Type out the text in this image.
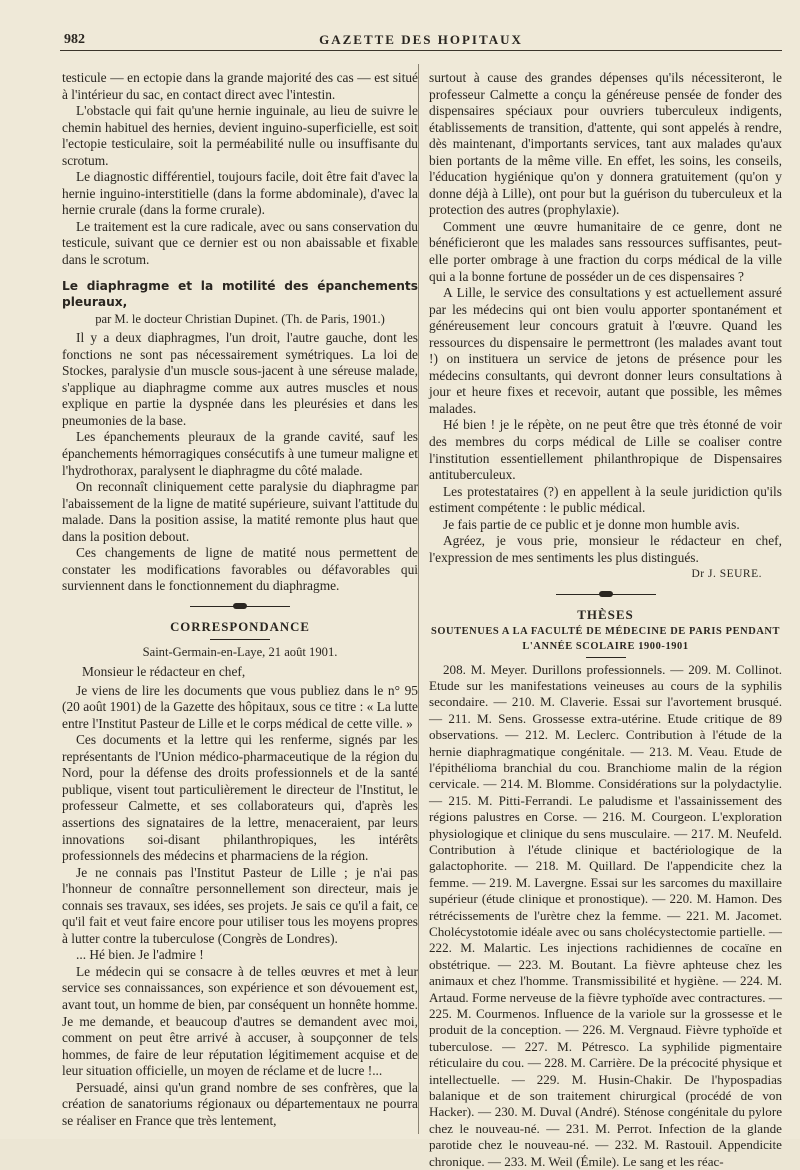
982	GAZETTE DES HOPITAUX

testicule — en ectopie dans la grande majorité des cas — est situé à l'intérieur du sac, en contact direct avec l'intestin.

L'obstacle qui fait qu'une hernie inguinale, au lieu de suivre le chemin habituel des hernies, devient inguino-superficielle, est soit l'ectopie testiculaire, soit la perméabilité nulle ou insuffisante du scrotum.

Le diagnostic différentiel, toujours facile, doit être fait d'avec la hernie inguino-interstitielle (dans la forme abdominale), d'avec la hernie crurale (dans la forme crurale).

Le traitement est la cure radicale, avec ou sans conservation du testicule, suivant que ce dernier est ou non abaissable et fixable dans le scrotum.

Le diaphragme et la motilité des épanchements pleuraux,

par M. le docteur Christian Dupinet. (Th. de Paris, 1901.)

Il y a deux diaphragmes, l'un droit, l'autre gauche, dont les fonctions ne sont pas nécessairement symétriques. La loi de Stockes, paralysie d'un muscle sous-jacent à une séreuse malade, s'applique au diaphragme comme aux autres muscles et nous explique en partie la dyspnée dans les pleurésies et dans les pneumonies de la base.

Les épanchements pleuraux de la grande cavité, sauf les épanchements hémorragiques consécutifs à une tumeur maligne et l'hydrothorax, paralysent le diaphragme du côté malade.

On reconnaît cliniquement cette paralysie du diaphragme par l'abaissement de la ligne de matité supérieure, suivant l'attitude du malade. Dans la position assise, la matité remonte plus haut que dans la position debout.

Ces changements de ligne de matité nous permettent de constater les modifications favorables ou défavorables qui surviennent dans le fonctionnement du diaphragme.

CORRESPONDANCE

Saint-Germain-en-Laye, 21 août 1901.

Monsieur le rédacteur en chef,

Je viens de lire les documents que vous publiez dans le n° 95 (20 août 1901) de la Gazette des hôpitaux, sous ce titre : « La lutte entre l'Institut Pasteur de Lille et le corps médical de cette ville. »

Ces documents et la lettre qui les renferme, signés par les représentants de l'Union médico-pharmaceutique de la région du Nord, pour la défense des droits professionnels et de la santé publique, visent tout particulièrement le directeur de l'Institut, le professeur Calmette, et ses collaborateurs qui, d'après les assertions des signataires de la lettre, menaceraient, par leurs innovations soi-disant philanthropiques, les intérêts professionnels des médecins et pharmaciens de la région.

Je ne connais pas l'Institut Pasteur de Lille ; je n'ai pas l'honneur de connaître personnellement son directeur, mais je connais ses travaux, ses idées, ses projets. Je sais ce qu'il a fait, ce qu'il fait et veut faire encore pour utiliser tous les moyens propres à lutter contre la tuberculose (Congrès de Londres).

... Hé bien. Je l'admire !

Le médecin qui se consacre à de telles œuvres et met à leur service ses connaissances, son expérience et son dévouement est, avant tout, un homme de bien, par conséquent un honnête homme. Je me demande, et beaucoup d'autres se demandent avec moi, comment on peut être arrivé à accuser, à soupçonner de tels hommes, de faire de leur réputation légitimement acquise et de leur situation officielle, un moyen de réclame et de lucre !...

Persuadé, ainsi qu'un grand nombre de ses confrères, que la création de sanatoriums régionaux ou départementaux ne pourra se réaliser en France que très lentement,

surtout à cause des grandes dépenses qu'ils nécessiteront, le professeur Calmette a conçu la généreuse pensée de fonder des dispensaires spéciaux pour ouvriers tuberculeux indigents, établissements de transition, d'attente, qui sont appelés à rendre, dès maintenant, d'importants services, tant aux malades qu'aux bien portants de la même ville. En effet, les soins, les conseils, l'éducation hygiénique qu'on y donnera gratuitement (qu'on y donne déjà à Lille), ont pour but la guérison du tuberculeux et la protection des autres (prophylaxie).

Comment une œuvre humanitaire de ce genre, dont ne bénéficieront que les malades sans ressources suffisantes, peut-elle porter ombrage à une fraction du corps médical de la ville qui a la bonne fortune de posséder un de ces dispensaires ?

A Lille, le service des consultations y est actuellement assuré par les médecins qui ont bien voulu apporter spontanément et généreusement leur concours gratuit à l'œuvre. Quand les ressources du dispensaire le permettront (les malades avant tout !) on instituera un service de jetons de présence pour les médecins consultants, qui devront donner leurs consultations à jour et heure fixes et recevoir, autant que possible, les mêmes malades.

Hé bien ! je le répète, on ne peut être que très étonné de voir des membres du corps médical de Lille se coaliser contre l'institution essentiellement philanthropique de Dispensaires antituberculeux.

Les protestataires (?) en appellent à la seule juridiction qu'ils estiment compétente : le public médical.

Je fais partie de ce public et je donne mon humble avis.

Agréez, je vous prie, monsieur le rédacteur en chef, l'expression de mes sentiments les plus distingués.

Dr J. SEURE.

THÈSES

SOUTENUES A LA FACULTÉ DE MÉDECINE DE PARIS PENDANT L'ANNÉE SCOLAIRE 1900-1901

208. M. Meyer. Durillons professionnels. — 209. M. Collinot. Etude sur les manifestations veineuses au cours de la syphilis secondaire. — 210. M. Claverie. Essai sur l'avortement brusqué. — 211. M. Sens. Grossesse extra-utérine. Etude critique de 89 observations. — 212. M. Leclerc. Contribution à l'étude de la hernie diaphragmatique congénitale. — 213. M. Veau. Etude de l'épithélioma branchial du cou. Branchiome malin de la région cervicale. — 214. M. Blomme. Considérations sur la polydactylie. — 215. M. Pitti-Ferrandi. Le paludisme et l'assainissement des régions palustres en Corse. — 216. M. Courgeon. L'exploration physiologique et clinique du sens musculaire. — 217. M. Neufeld. Contribution à l'étude clinique et bactériologique de la galactophorite. — 218. M. Quillard. De l'appendicite chez la femme. — 219. M. Lavergne. Essai sur les sarcomes du maxillaire supérieur (étude clinique et pronostique). — 220. M. Hamon. Des rétrécissements de l'urètre chez la femme. — 221. M. Jacomet. Cholécystotomie idéale avec ou sans cholécystectomie partielle. — 222. M. Malartic. Les injections rachidiennes de cocaïne en obstétrique. — 223. M. Boutant. La fièvre aphteuse chez les animaux et chez l'homme. Transmissibilité et hygiène. — 224. M. Artaud. Forme nerveuse de la fièvre typhoïde avec contractures. — 225. M. Courmenos. Influence de la variole sur la grossesse et le produit de la conception. — 226. M. Vergnaud. Fièvre typhoïde et tuberculose. — 227. M. Pétresco. La syphilide pigmentaire réticulaire du cou. — 228. M. Carrière. De la précocité physique et intellectuelle. — 229. M. Husin-Chakir. De l'hypospadias balanique et de son traitement chirurgical (procédé de von Hacker). — 230. M. Duval (André). Sténose congénitale du pylore chez le nouveau-né. — 231. M. Perrot. Infection de la glande parotide chez le nouveau-né. — 232. M. Rastouil. Appendicite chronique. — 233. M. Weil (Émile). Le sang et les réac-
